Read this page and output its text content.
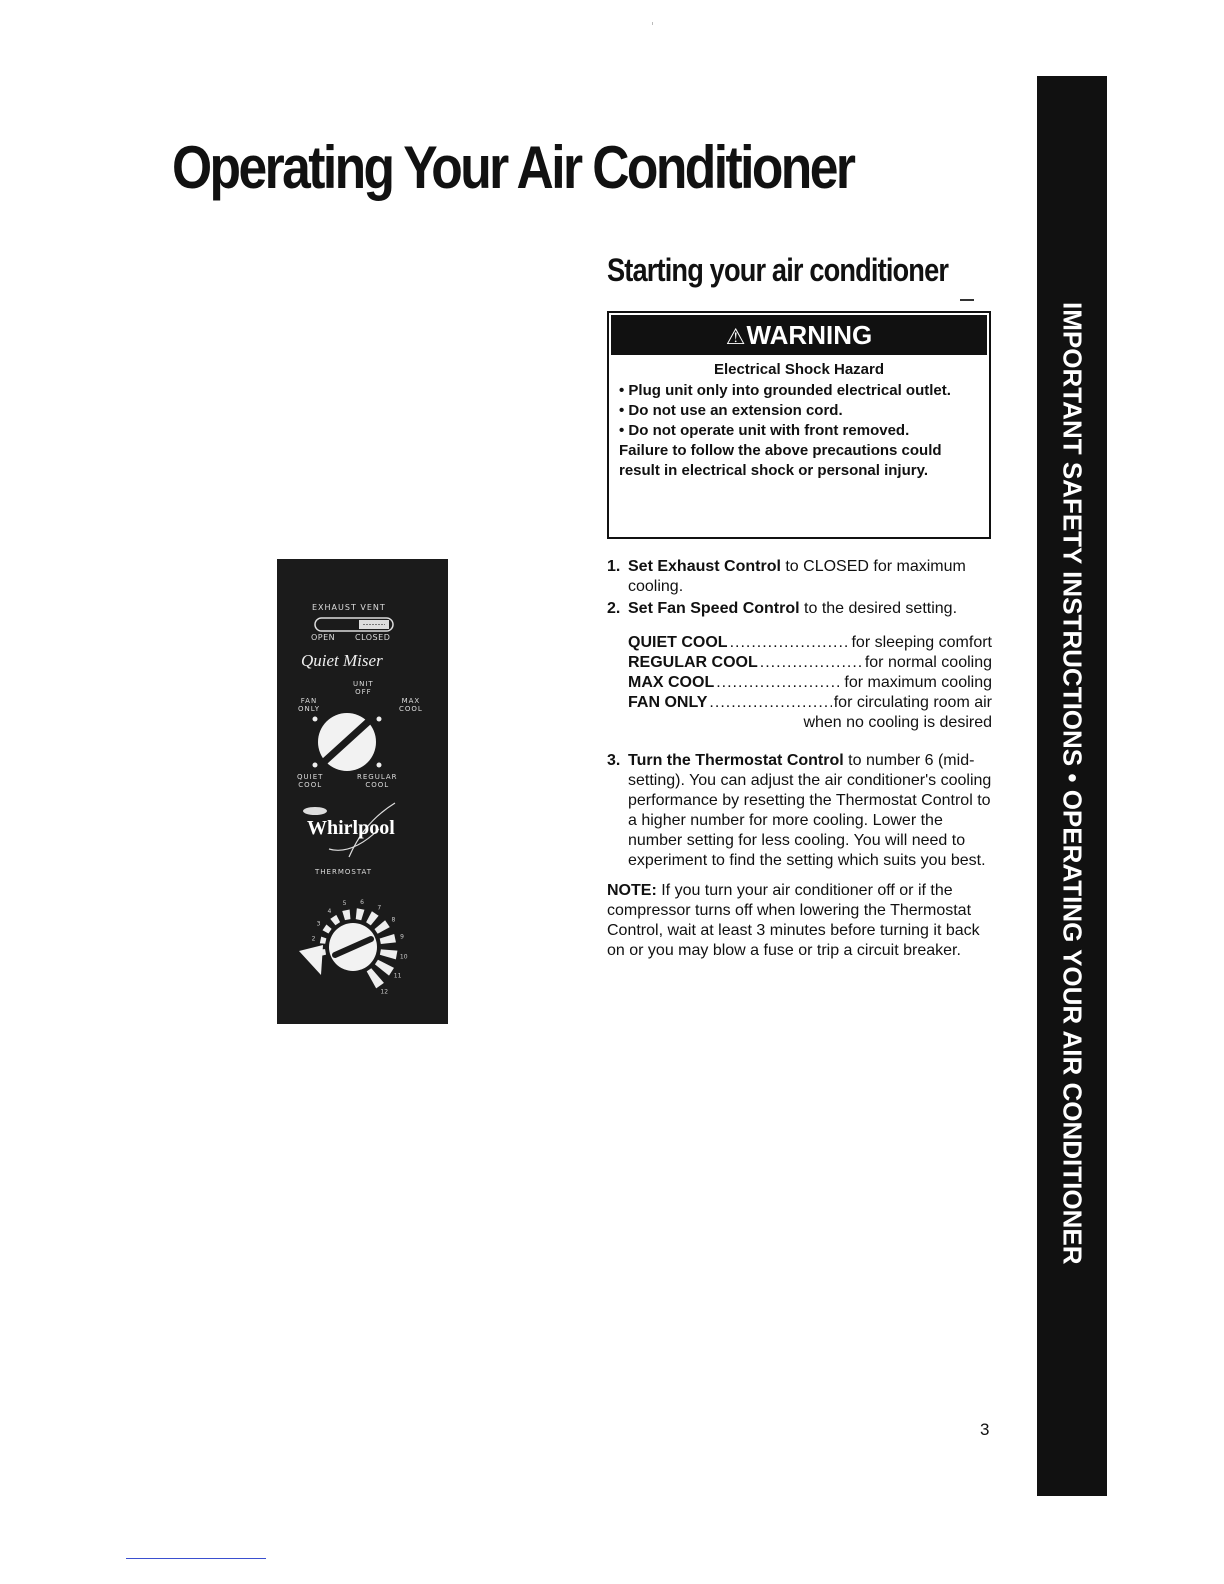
Operating Your Air Conditioner
Starting your air conditioner
⚠WARNING
Electrical Shock Hazard
• Plug unit only into grounded electrical outlet.
• Do not use an extension cord.
• Do not operate unit with front removed.
Failure to follow the above precautions could result in electrical shock or personal injury.
1. Set Exhaust Control to CLOSED for maximum cooling.
2. Set Fan Speed Control to the desired setting.
QUIET COOL .....	for sleeping comfort
REGULAR COOL .....	for normal cooling
MAX COOL .....	for maximum cooling
FAN ONLY .....	for circulating room air
when no cooling is desired
3. Turn the Thermostat Control to number 6 (mid-setting). You can adjust the air conditioner's cooling performance by resetting the Thermostat Control to a higher number for more cooling. Lower the number setting for less cooling. You will need to experiment to find the setting which suits you best.
NOTE: If you turn your air conditioner off or if the compressor turns off when lowering the Thermostat Control, wait at least 3 minutes before turning it back on or you may blow a fuse or trip a circuit breaker.
EXHAUST VENT
OPEN CLOSED
Quiet Miser
UNIT
OFF
FAN
ONLY
MAX
COOL
QUIET
COOL
REGULAR
COOL
Whirlpool
THERMOSTAT
2
3
4
5 6
7
8
9
10
11
12	IMPORTANT SAFETY INSTRUCTIONS • OPERATING YOUR AIR CONDITIONER
3
